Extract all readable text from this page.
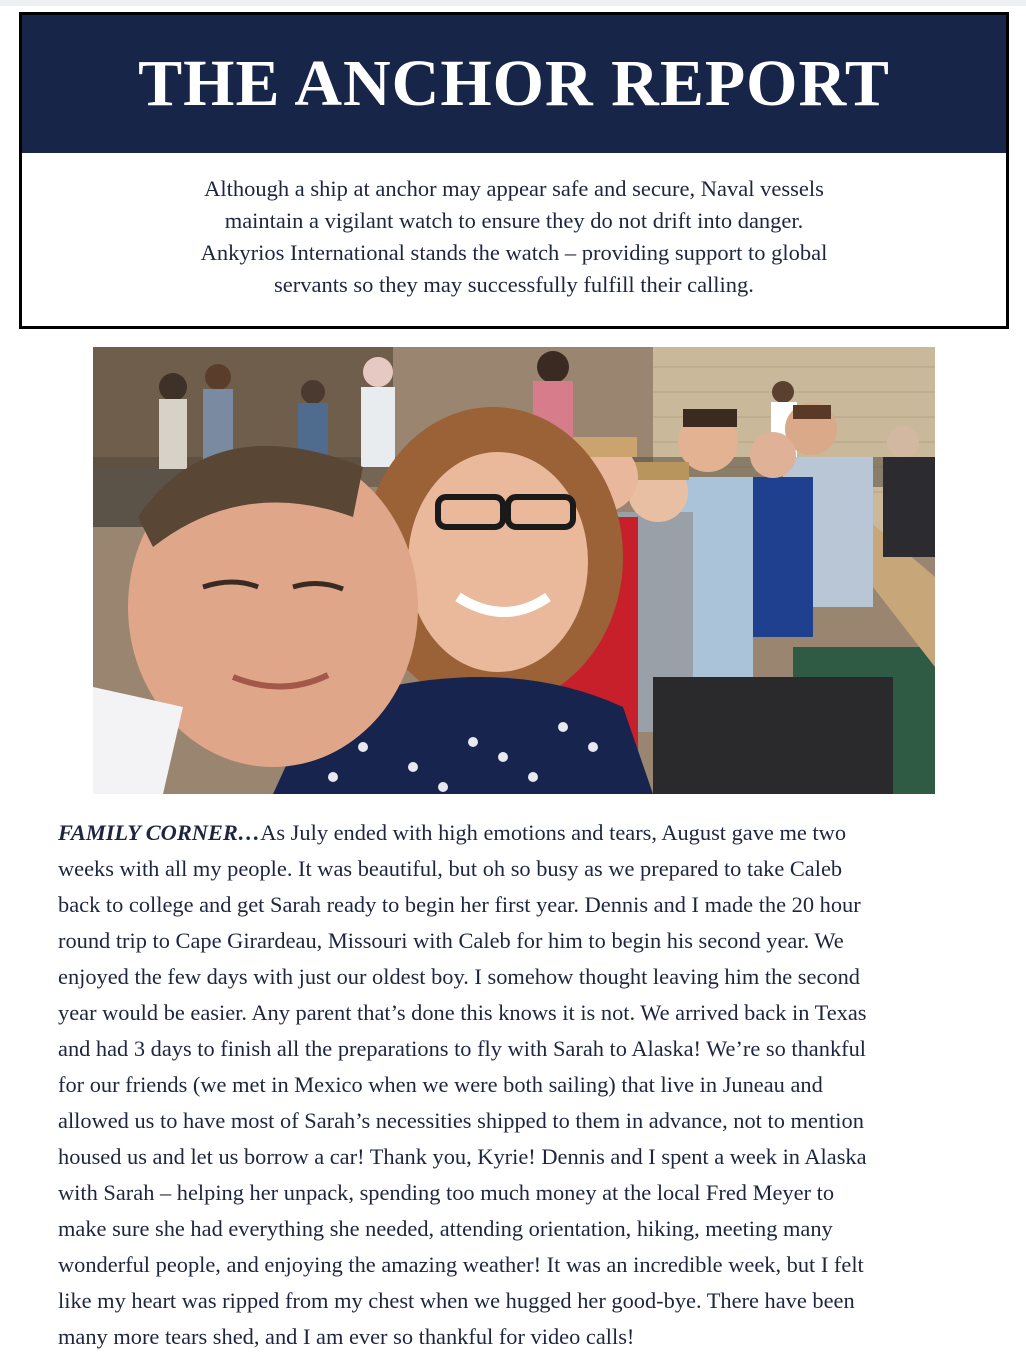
THE ANCHOR REPORT
Although a ship at anchor may appear safe and secure, Naval vessels
maintain a vigilant watch to ensure they do not drift into danger.
Ankyrios International stands the watch – providing support to global
servants so they may successfully fulfill their calling.

FAMILY CORNER…As July ended with high emotions and tears, August gave me two

weeks with all my people. It was beautiful, but oh so busy as we prepared to take Caleb

back to college and get Sarah ready to begin her first year. Dennis and I made the 20 hour

round trip to Cape Girardeau, Missouri with Caleb for him to begin his second year. We

enjoyed the few days with just our oldest boy. I somehow thought leaving him the second

year would be easier. Any parent that’s done this knows it is not. We arrived back in Texas

and had 3 days to finish all the preparations to fly with Sarah to Alaska! We’re so thankful

for our friends (we met in Mexico when we were both sailing) that live in Juneau and

allowed us to have most of Sarah’s necessities shipped to them in advance, not to mention

housed us and let us borrow a car! Thank you, Kyrie! Dennis and I spent a week in Alaska

with Sarah – helping her unpack, spending too much money at the local Fred Meyer to

make sure she had everything she needed, attending orientation, hiking, meeting many

wonderful people, and enjoying the amazing weather! It was an incredible week, but I felt

like my heart was ripped from my chest when we hugged her good-bye. There have been

many more tears shed, and I am ever so thankful for video calls!
